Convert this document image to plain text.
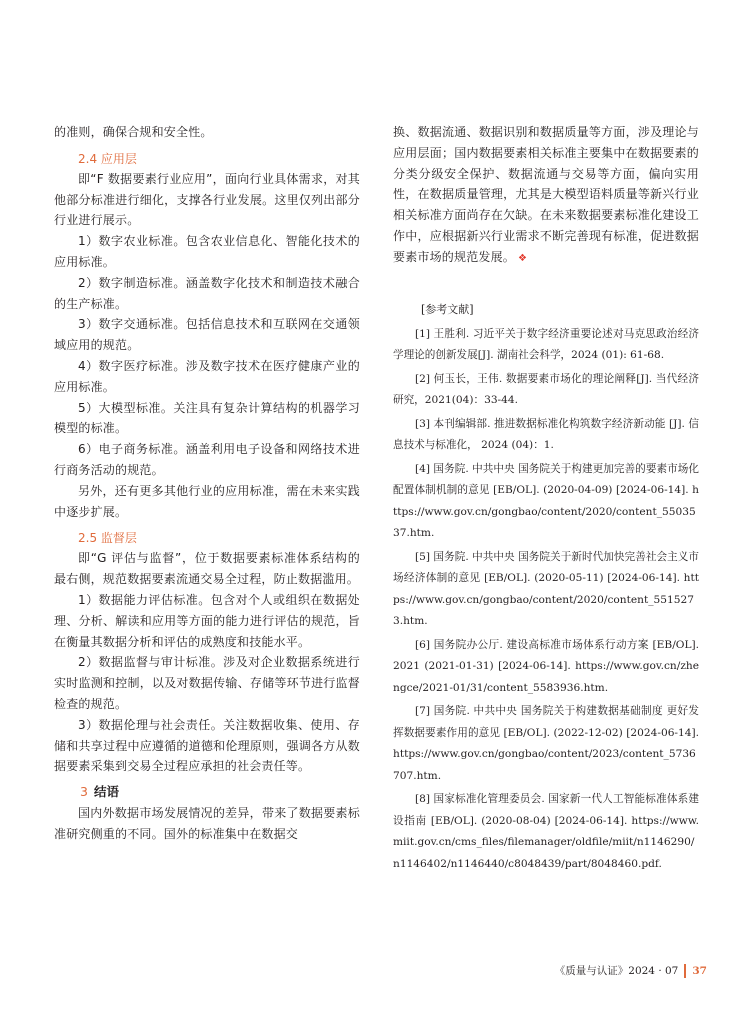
的准则，确保合规和安全性。

2.4 应用层

即“F 数据要素行业应用”，面向行业具体需求，对其他部分标准进行细化，支撑各行业发展。这里仅列出部分行业进行展示。

1）数字农业标准。包含农业信息化、智能化技术的应用标准。

2）数字制造标准。涵盖数字化技术和制造技术融合的生产标准。

3）数字交通标准。包括信息技术和互联网在交通领域应用的规范。

4）数字医疗标准。涉及数字技术在医疗健康产业的应用标准。

5）大模型标准。关注具有复杂计算结构的机器学习模型的标准。

6）电子商务标准。涵盖利用电子设备和网络技术进行商务活动的规范。

另外，还有更多其他行业的应用标准，需在未来实践中逐步扩展。

2.5 监督层

即“G 评估与监督”，位于数据要素标准体系结构的最右侧，规范数据要素流通交易全过程，防止数据滥用。

1）数据能力评估标准。包含对个人或组织在数据处理、分析、解读和应用等方面的能力进行评估的规范，旨在衡量其数据分析和评估的成熟度和技能水平。

2）数据监督与审计标准。涉及对企业数据系统进行实时监测和控制，以及对数据传输、存储等环节进行监督检查的规范。

3）数据伦理与社会责任。关注数据收集、使用、存储和共享过程中应遵循的道德和伦理原则，强调各方从数据要素采集到交易全过程应承担的社会责任等。

3 结语

国内外数据市场发展情况的差异，带来了数据要素标准研究侧重的不同。国外的标准集中在数据交

换、数据流通、数据识别和数据质量等方面，涉及理论与应用层面；国内数据要素相关标准主要集中在数据要素的分类分级安全保护、数据流通与交易等方面，偏向实用性，在数据质量管理，尤其是大模型语料质量等新兴行业相关标准方面尚存在欠缺。在未来数据要素标准化建设工作中，应根据新兴行业需求不断完善现有标准，促进数据要素市场的规范发展。 ❖

[参考文献]

[1] 王胜利. 习近平关于数字经济重要论述对马克思政治经济学理论的创新发展[J]. 湖南社会科学，2024 (01): 61-68.

[2] 何玉长，王伟. 数据要素市场化的理论阐释[J]. 当代经济研究，2021(04)：33-44.

[3] 本刊编辑部. 推进数据标准化构筑数字经济新动能 [J]. 信息技术与标准化， 2024 (04)：1.

[4] 国务院. 中共中央 国务院关于构建更加完善的要素市场化配置体制机制的意见 [EB/OL]. (2020-04-09) [2024-06-14]. https://www.gov.cn/gongbao/content/2020/content_5503537.htm.

[5] 国务院. 中共中央 国务院关于新时代加快完善社会主义市场经济体制的意见 [EB/OL]. (2020-05-11) [2024-06-14]. https://www.gov.cn/gongbao/content/2020/content_5515273.htm.

[6] 国务院办公厅. 建设高标准市场体系行动方案 [EB/OL]. 2021 (2021-01-31) [2024-06-14]. https://www.gov.cn/zhengce/2021-01/31/content_5583936.htm.

[7] 国务院. 中共中央 国务院关于构建数据基础制度 更好发挥数据要素作用的意见 [EB/OL]. (2022-12-02) [2024-06-14]. https://www.gov.cn/gongbao/content/2023/content_5736707.htm.

[8] 国家标准化管理委员会. 国家新一代人工智能标准体系建设指南 [EB/OL]. (2020-08-04) [2024-06-14]. https://www.miit.gov.cn/cms_files/filemanager/oldfile/miit/n1146290/n1146402/n1146440/c8048439/part/8048460.pdf.

《质量与认证》2024 · 07 37
